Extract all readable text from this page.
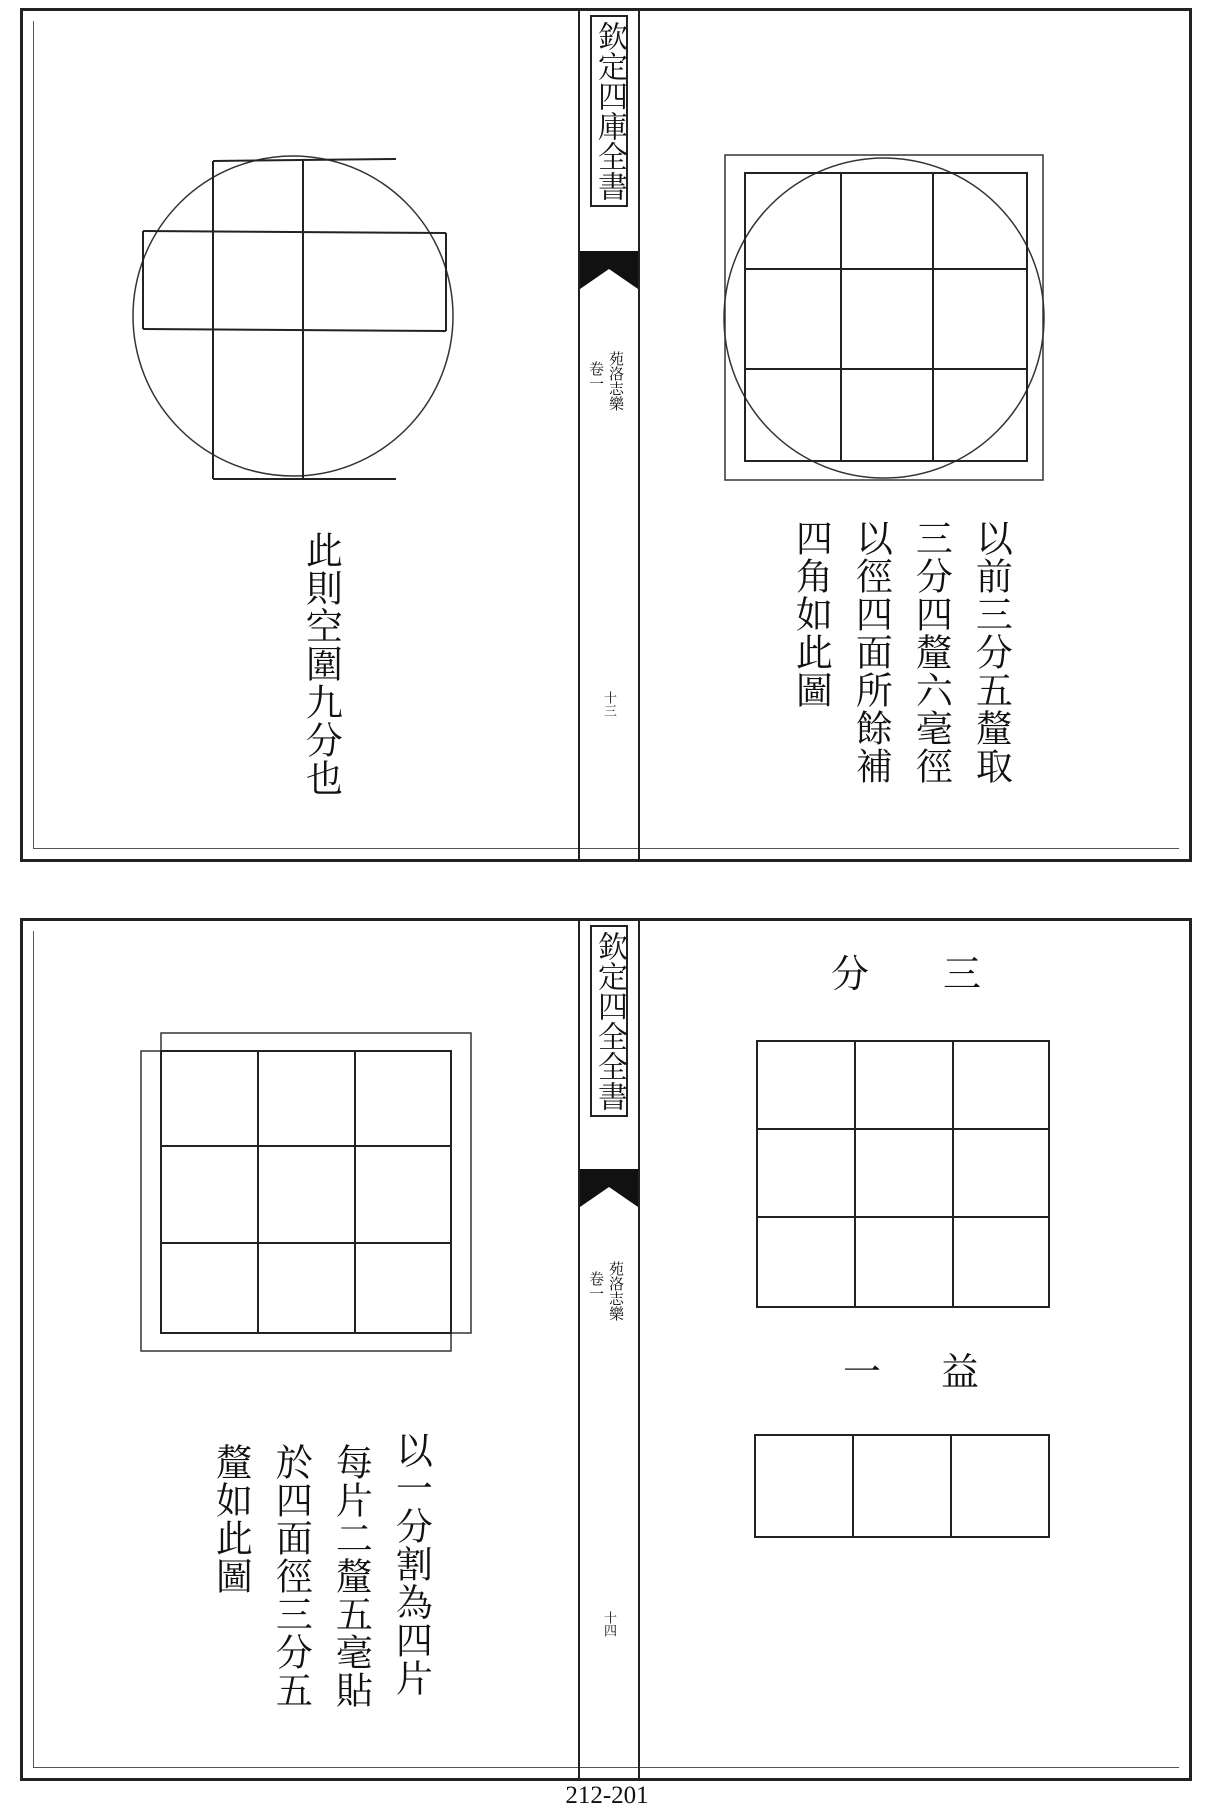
此則空圍九分也
欽定四庫全書
苑洛志樂
卷一
十三	以前三分五釐取
三分四釐六毫徑
以徑四面所餘補
四角如此圖
以一分割為四片
每片二釐五毫貼
於四面徑三分五
釐如此圖
欽定四全全書
苑洛志樂
卷一
十四
分 三
一 益
212-201
